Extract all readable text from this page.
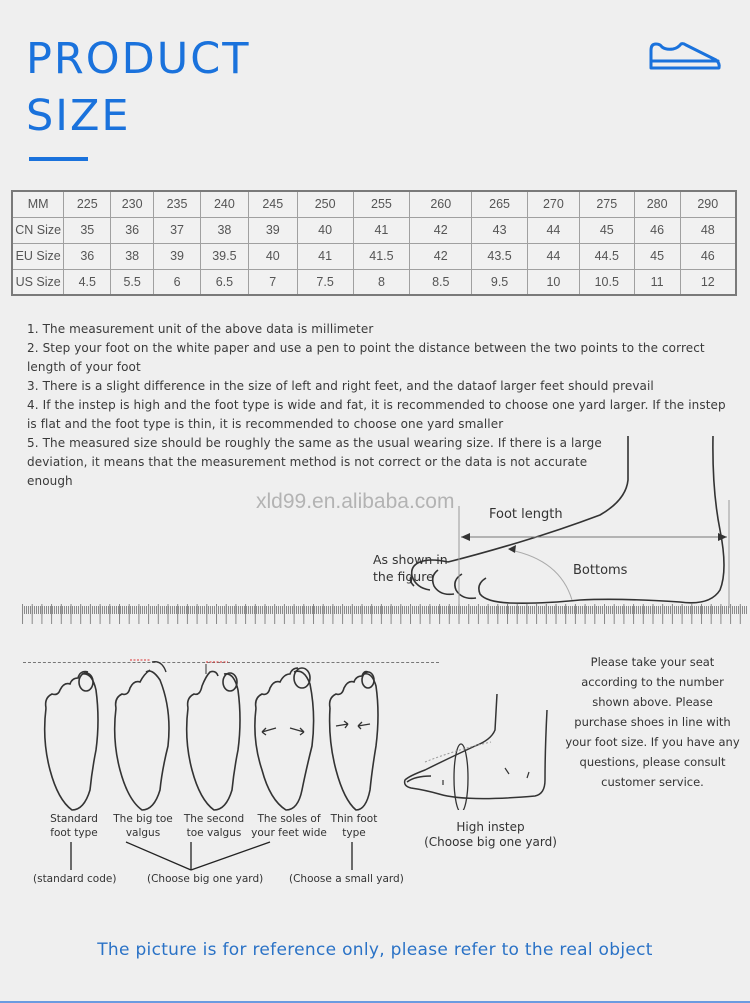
PRODUCT
SIZE
MM	225	230	235	240	245	250	255	260	265	270	275	280	290
CN Size	35	36	37	38	39	40	41	42	43	44	45	46	48
EU Size	36	38	39	39.5	40	41	41.5	42	43.5	44	44.5	45	46
US Size	4.5	5.5	6	6.5	7	7.5	8	8.5	9.5	10	10.5	11	12

1. The measurement unit of the above data is millimeter

2. Step your foot on the white paper and use a pen to point the distance between the two points to the correct length of your foot

3. There is a slight difference in the size of left and right feet, and the dataof larger feet should prevail

4. If the instep is high and the foot type is wide and fat, it is recommended to choose one yard larger. If the instep is flat and the foot type is thin, it is recommended to choose one yard smaller

5. The measured size should be roughly the same as the usual wearing size. If there is a large deviation, it means that the measurement method is not correct or the data is not accurate enough

xld99.en.alibaba.com
Foot length
As shown in the figure	Bottoms
Standard foot type
The big toe valgus
The second toe valgus
The soles of your feet wide
Thin foot type
(standard code)	(Choose big one yard) (Choose a small yard)
High instep
(Choose big one yard)
Please take your seat according to the number shown above. Please purchase shoes in line with your foot size. If you have any questions, please consult customer service.
The picture is for reference only, please refer to the real object
